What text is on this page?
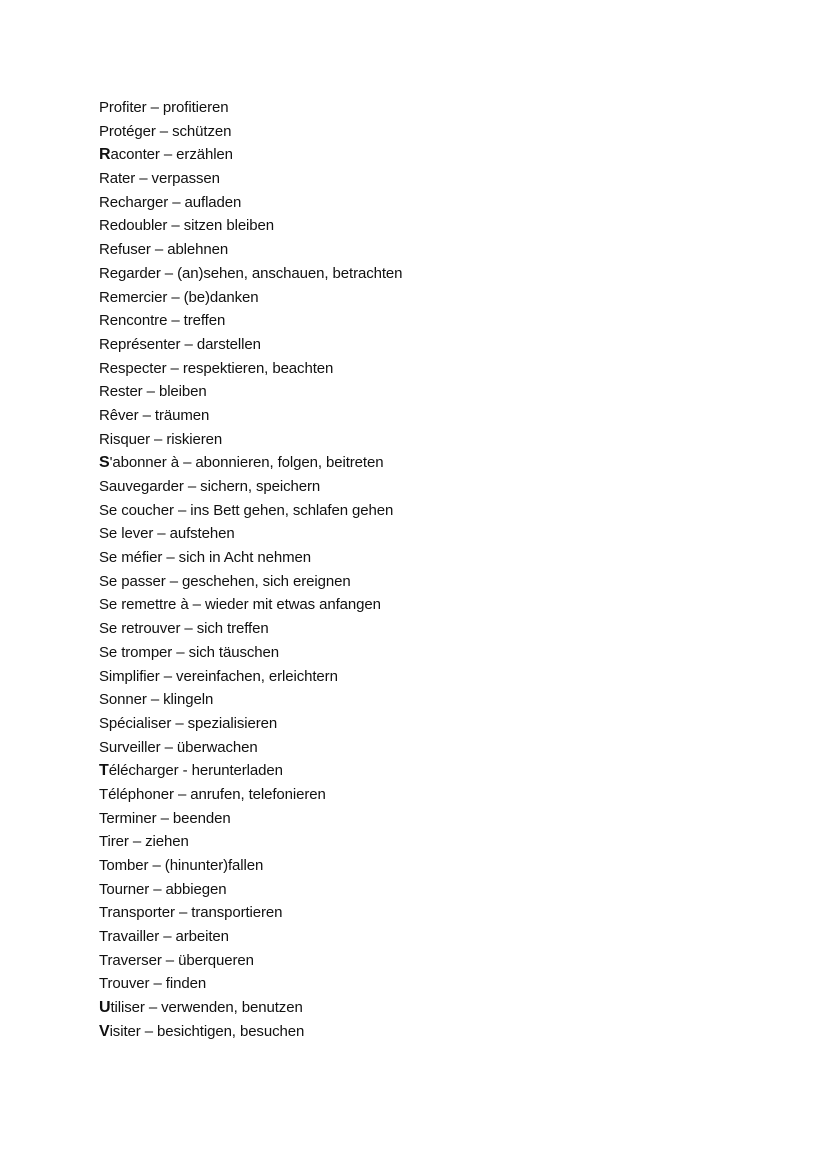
Profiter – profitieren
Protéger – schützen
Raconter – erzählen
Rater – verpassen
Recharger – aufladen
Redoubler – sitzen bleiben
Refuser – ablehnen
Regarder – (an)sehen, anschauen, betrachten
Remercier – (be)danken
Rencontre – treffen
Représenter – darstellen
Respecter – respektieren, beachten
Rester – bleiben
Rêver – träumen
Risquer – riskieren
S'abonner à – abonnieren, folgen, beitreten
Sauvegarder – sichern, speichern
Se coucher – ins Bett gehen, schlafen gehen
Se lever – aufstehen
Se méfier – sich in Acht nehmen
Se passer – geschehen, sich ereignen
Se remettre à – wieder mit etwas anfangen
Se retrouver – sich treffen
Se tromper – sich täuschen
Simplifier – vereinfachen, erleichtern
Sonner – klingeln
Spécialiser – spezialisieren
Surveiller – überwachen
Télécharger - herunterladen
Téléphoner – anrufen, telefonieren
Terminer – beenden
Tirer – ziehen
Tomber – (hinunter)fallen
Tourner – abbiegen
Transporter – transportieren
Travailler – arbeiten
Traverser – überqueren
Trouver – finden
Utiliser – verwenden, benutzen
Visiter – besichtigen, besuchen
